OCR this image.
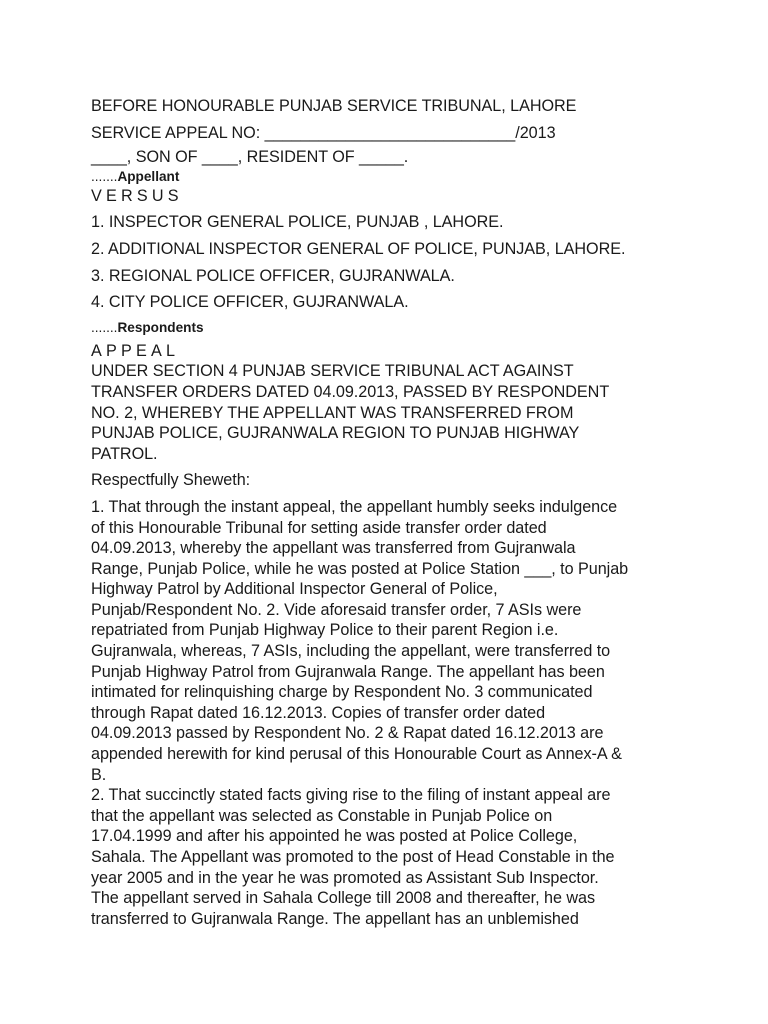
BEFORE HONOURABLE PUNJAB SERVICE TRIBUNAL, LAHORE
SERVICE APPEAL NO: ____________________________/2013
____, SON OF ____, RESIDENT OF _____.
.......Appellant
VERSUS
1. INSPECTOR GENERAL POLICE, PUNJAB , LAHORE.
2. ADDITIONAL INSPECTOR GENERAL OF POLICE, PUNJAB, LAHORE.
3. REGIONAL POLICE OFFICER, GUJRANWALA.
4. CITY POLICE OFFICER, GUJRANWALA.
.......Respondents
APPEAL
UNDER SECTION 4 PUNJAB SERVICE TRIBUNAL ACT AGAINST
TRANSFER ORDERS DATED 04.09.2013, PASSED BY RESPONDENT
NO. 2, WHEREBY THE APPELLANT WAS TRANSFERRED FROM
PUNJAB POLICE, GUJRANWALA REGION TO PUNJAB HIGHWAY
PATROL.
Respectfully Sheweth:
1. That through the instant appeal, the appellant humbly seeks indulgence
of this Honourable Tribunal for setting aside transfer order dated
04.09.2013, whereby the appellant was transferred from Gujranwala
Range, Punjab Police, while he was posted at Police Station ___, to Punjab
Highway Patrol by Additional Inspector General of Police,
Punjab/Respondent No. 2. Vide aforesaid transfer order, 7 ASIs were
repatriated from Punjab Highway Police to their parent Region i.e.
Gujranwala, whereas, 7 ASIs, including the appellant, were transferred to
Punjab Highway Patrol from Gujranwala Range. The appellant has been
intimated for relinquishing charge by Respondent No. 3 communicated
through Rapat dated 16.12.2013. Copies of transfer order dated
04.09.2013 passed by Respondent No. 2 & Rapat dated 16.12.2013 are
appended herewith for kind perusal of this Honourable Court as Annex-A &
B.
2. That succinctly stated facts giving rise to the filing of instant appeal are
that the appellant was selected as Constable in Punjab Police on
17.04.1999 and after his appointed he was posted at Police College,
Sahala. The Appellant was promoted to the post of Head Constable in the
year 2005 and in the year he was promoted as Assistant Sub Inspector.
The appellant served in Sahala College till 2008 and thereafter, he was
transferred to Gujranwala Range. The appellant has an unblemished
